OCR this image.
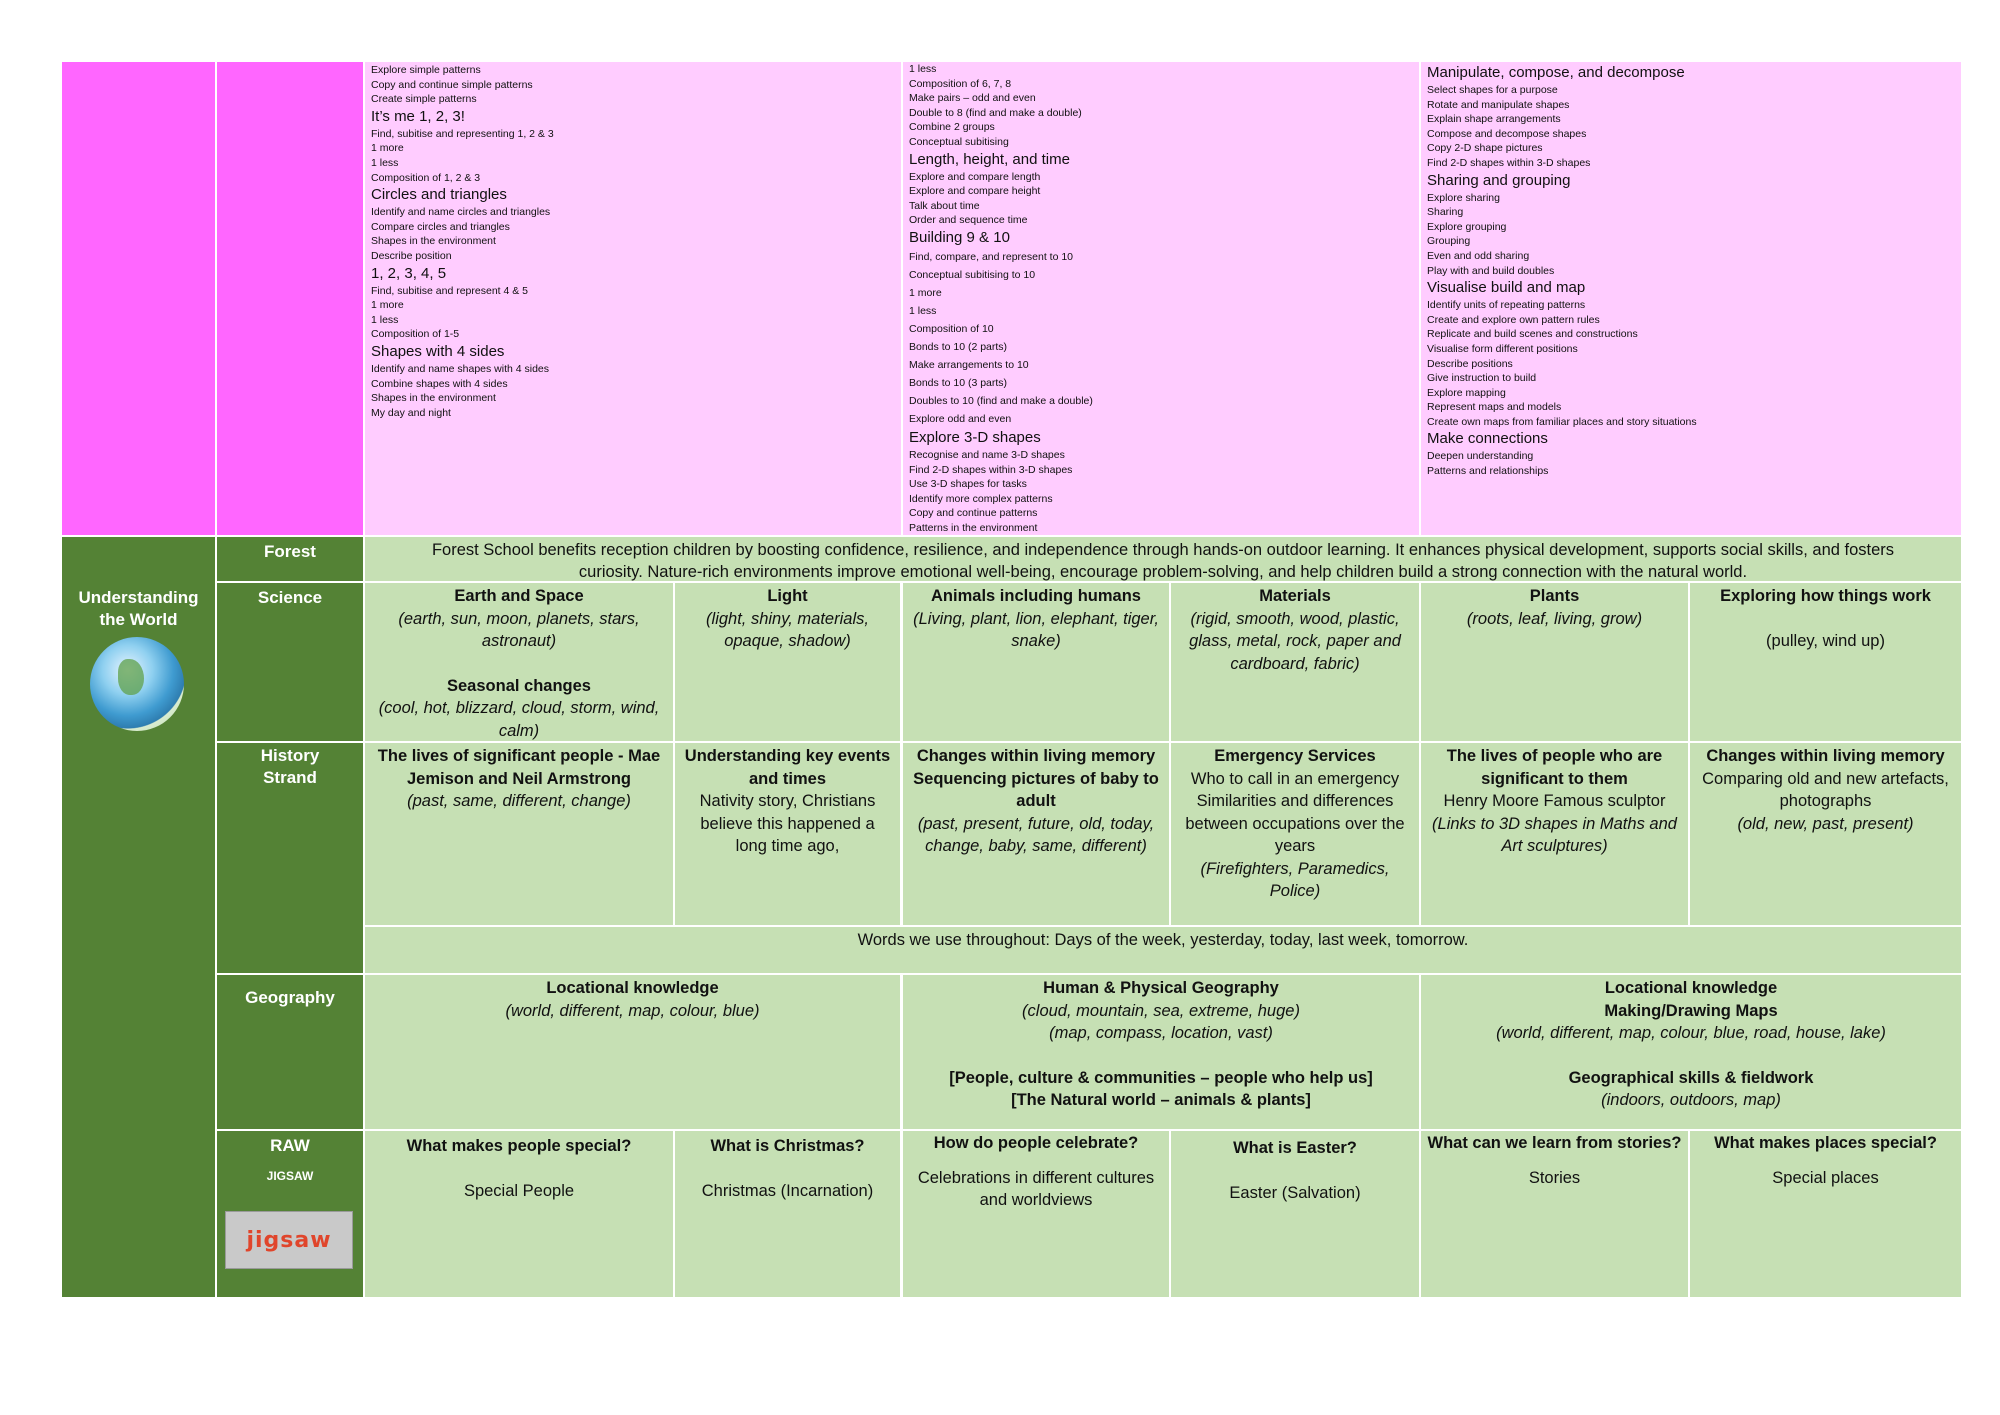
Explore simple patterns
Copy and continue simple patterns
Create simple patterns
It’s me 1, 2, 3!
Find, subitise and representing 1, 2 & 3
1 more
1 less
Composition of 1, 2 & 3
Circles and triangles
Identify and name circles and triangles
Compare circles and triangles
Shapes in the environment
Describe position
1, 2, 3, 4, 5
Find, subitise and represent 4 & 5
1 more
1 less
Composition of 1-5
Shapes with 4 sides
Identify and name shapes with 4 sides
Combine shapes with 4 sides
Shapes in the environment
My day and night
1 less
Composition of 6, 7, 8
Make pairs – odd and even
Double to 8 (find and make a double)
Combine 2 groups
Conceptual subitising
Length, height, and time
Explore and compare length
Explore and compare height
Talk about time
Order and sequence time
Building 9 & 10
Find, compare, and represent to 10
Conceptual subitising to 10
1 more
1 less
Composition of 10
Bonds to 10 (2 parts)
Make arrangements to 10
Bonds to 10 (3 parts)
Doubles to 10 (find and make a double)
Explore odd and even
Explore 3-D shapes
Recognise and name 3-D shapes
Find 2-D shapes within 3-D shapes
Use 3-D shapes for tasks
Identify more complex patterns
Copy and continue patterns
Patterns in the environment
Manipulate, compose, and decompose
Select shapes for a purpose
Rotate and manipulate shapes
Explain shape arrangements
Compose and decompose shapes
Copy 2-D shape pictures
Find 2-D shapes within 3-D shapes
Sharing and grouping
Explore sharing
Sharing
Explore grouping
Grouping
Even and odd sharing
Play with and build doubles
Visualise build and map
Identify units of repeating patterns
Create and explore own pattern rules
Replicate and build scenes and constructions
Visualise form different positions
Describe positions
Give instruction to build
Explore mapping
Represent maps and models
Create own maps from familiar places and story situations
Make connections
Deepen understanding
Patterns and relationships
Understanding the World
Forest
Science
History Strand
Geography
RAW
JIGSAW
jigsaw
Forest School benefits reception children by boosting confidence, resilience, and independence through hands-on outdoor learning. It enhances physical development, supports social skills, and fosters curiosity. Nature-rich environments improve emotional well-being, encourage problem-solving, and help children build a strong connection with the natural world.
Earth and Space
(earth, sun, moon, planets, stars, astronaut)
Seasonal changes
(cool, hot, blizzard, cloud, storm, wind, calm)
Light
(light, shiny, materials, opaque, shadow)
Animals including humans
(Living, plant, lion, elephant, tiger, snake)
Materials
(rigid, smooth, wood, plastic, glass, metal, rock, paper and cardboard, fabric)
Plants
(roots, leaf, living, grow)
Exploring how things work
(pulley, wind up)
The lives of significant people - Mae Jemison and Neil Armstrong
(past, same, different, change)
Understanding key events and times
Nativity story, Christians believe this happened a long time ago,
Changes within living memory Sequencing pictures of baby to adult
(past, present, future, old, today, change, baby, same, different)
Emergency Services
Who to call in an emergency Similarities and differences between occupations over the years
(Firefighters, Paramedics, Police)
The lives of people who are significant to them
Henry Moore Famous sculptor
(Links to 3D shapes in Maths and Art sculptures)
Changes within living memory
Comparing old and new artefacts, photographs
(old, new, past, present)
Words we use throughout: Days of the week, yesterday, today, last week, tomorrow.
Locational knowledge
(world, different, map, colour, blue)
Human & Physical Geography
(cloud, mountain, sea, extreme, huge)
(map, compass, location, vast)
[People, culture & communities – people who help us]
[The Natural world – animals & plants]
Locational knowledge
Making/Drawing Maps
(world, different, map, colour, blue, road, house, lake)
Geographical skills & fieldwork
(indoors, outdoors, map)
What makes people special?
Special People
What is Christmas?
Christmas (Incarnation)
How do people celebrate?
Celebrations in different cultures and worldviews
What is Easter?
Easter (Salvation)
What can we learn from stories?
Stories
What makes places special?
Special places
